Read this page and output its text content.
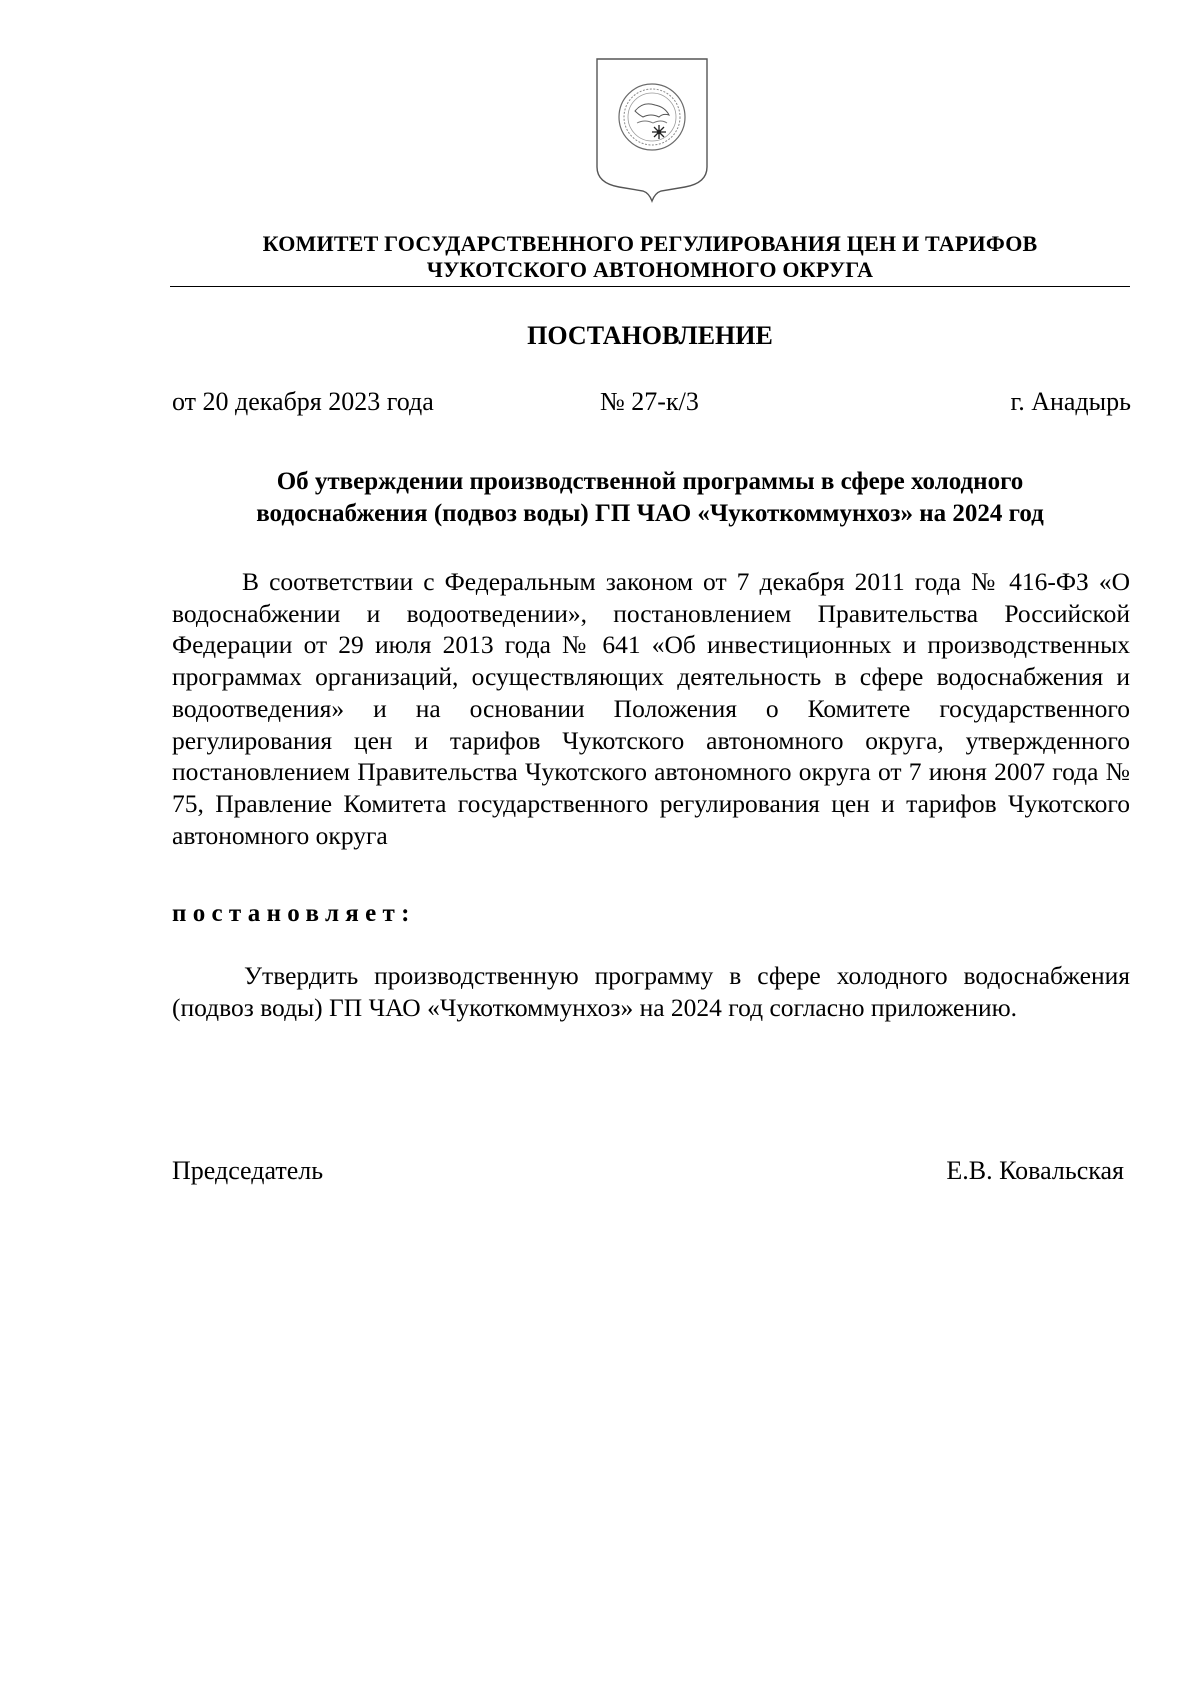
КОМИТЕТ ГОСУДАРСТВЕННОГО РЕГУЛИРОВАНИЯ ЦЕН И ТАРИФОВ
ЧУКОТСКОГО АВТОНОМНОГО ОКРУГА
ПОСТАНОВЛЕНИЕ
от 20 декабря 2023 года	№ 27-к/3	г. Анадырь
Об утверждении производственной программы в сфере холодного
водоснабжения (подвоз воды) ГП ЧАО «Чукоткоммунхоз» на 2024 год
В соответствии с Федеральным законом от 7 декабря 2011 года № 416-ФЗ «О водоснабжении и водоотведении», постановлением Правительства Российской Федерации от 29 июля 2013 года № 641 «Об инвестиционных и производственных программах организаций, осуществляющих деятельность в сфере водоснабжения и водоотведения» и на основании Положения о Комитете государственного регулирования цен и тарифов Чукотского автономного округа, утвержденного постановлением Правительства Чукотского автономного округа от 7 июня 2007 года № 75, Правление Комитета государственного регулирования цен и тарифов Чукотского автономного округа
постановляет:
Утвердить производственную программу в сфере холодного водоснабжения (подвоз воды) ГП ЧАО «Чукоткоммунхоз» на 2024 год согласно приложению.
Председатель	Е.В. Ковальская
